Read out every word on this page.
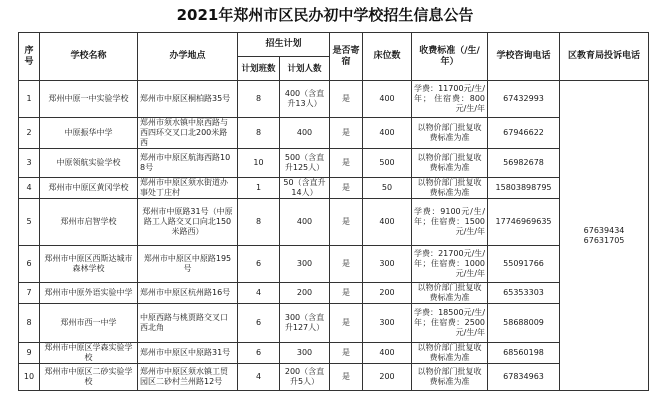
2021年郑州市区民办初中学校招生信息公告
序号	学校名称	办学地点	招生计划		是否寄宿	床位数	收费标准（/生/年）	学校咨询电话	区教育局投诉电话
			计划班数	计划人数					
1	郑州中原一中实验学校	郑州市中原区桐柏路35号	8	400（含直升13人）	是	400	学费：11700元/生/年； 住宿费：800元/生/年	67432993	67639434
67631705
2	中原振华中学	郑州市须水镇中原西路与西四环交叉口北200米路西	8	400	是	400	以物价部门批复收费标准为准	67946622	
3	中原领航实验学校	郑州市中原区航海西路108号	10	500（含直升125人）	是	500	以物价部门批复收费标准为准	56982678	
4	郑州市中原区黄冈学校	郑州市中原区须水街道办事处丁庄村	1	50（含直升14人）	是	50	以物价部门批复收费标准为准	15803898795	
5	郑州市启智学校	郑州市中原路31号（中原路工人路交叉口向北150米路西）	8	400	是	400	学费：9100元/生/年；住宿费：1500元/生/年	17746969635	
6	郑州市中原区西斯达城市森林学校	郑州市中原区中原路195号	6	300	是	300	学费：21700元/生/年；住宿费：1000元/生/年	55091766	
7	郑州市中原外语实验中学	郑州市中原区杭州路16号	4	200	是	200	以物价部门批复收费标准为准	65353303	
8	郑州市西一中学	中原西路与桃贾路交叉口西北角	6	300（含直升127人）	是	300	学费：18500元/生/年；住宿费：2500元/生/年	58688009	
9	郑州市中原区学森实验学校	郑州市中原区中原路31号	6	300	是	400	以物价部门批复收费标准为准	68560198	
10	郑州市中原区二砂实验学校	郑州市中原区须水镇工贸园区二砂村兰州路12号	4	200（含直升5人）	是	200	以物价部门批复收费标准为准	67834963	
